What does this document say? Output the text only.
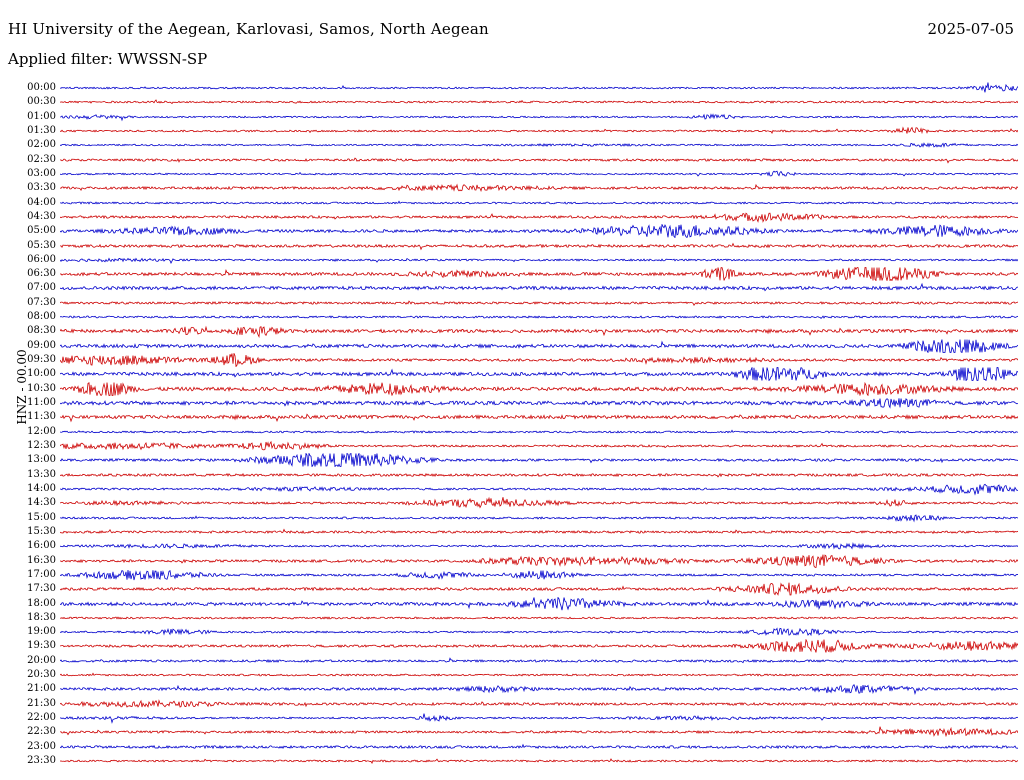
HI University of the Aegean, Karlovasi, Samos, North Aegean	2025-07-05
Applied filter: WWSSN-SP
HNZ - 00.00
00:00
00:30
01:00
01:30
02:00
02:30
03:00
03:30
04:00
04:30
05:00
05:30
06:00
06:30
07:00
07:30
08:00
08:30
09:00
09:30
10:00
10:30
11:00
11:30
12:00
12:30
13:00
13:30
14:00
14:30
15:00
15:30
16:00
16:30
17:00
17:30
18:00
18:30
19:00
19:30
20:00
20:30
21:00
21:30
22:00
22:30
23:00
23:30
